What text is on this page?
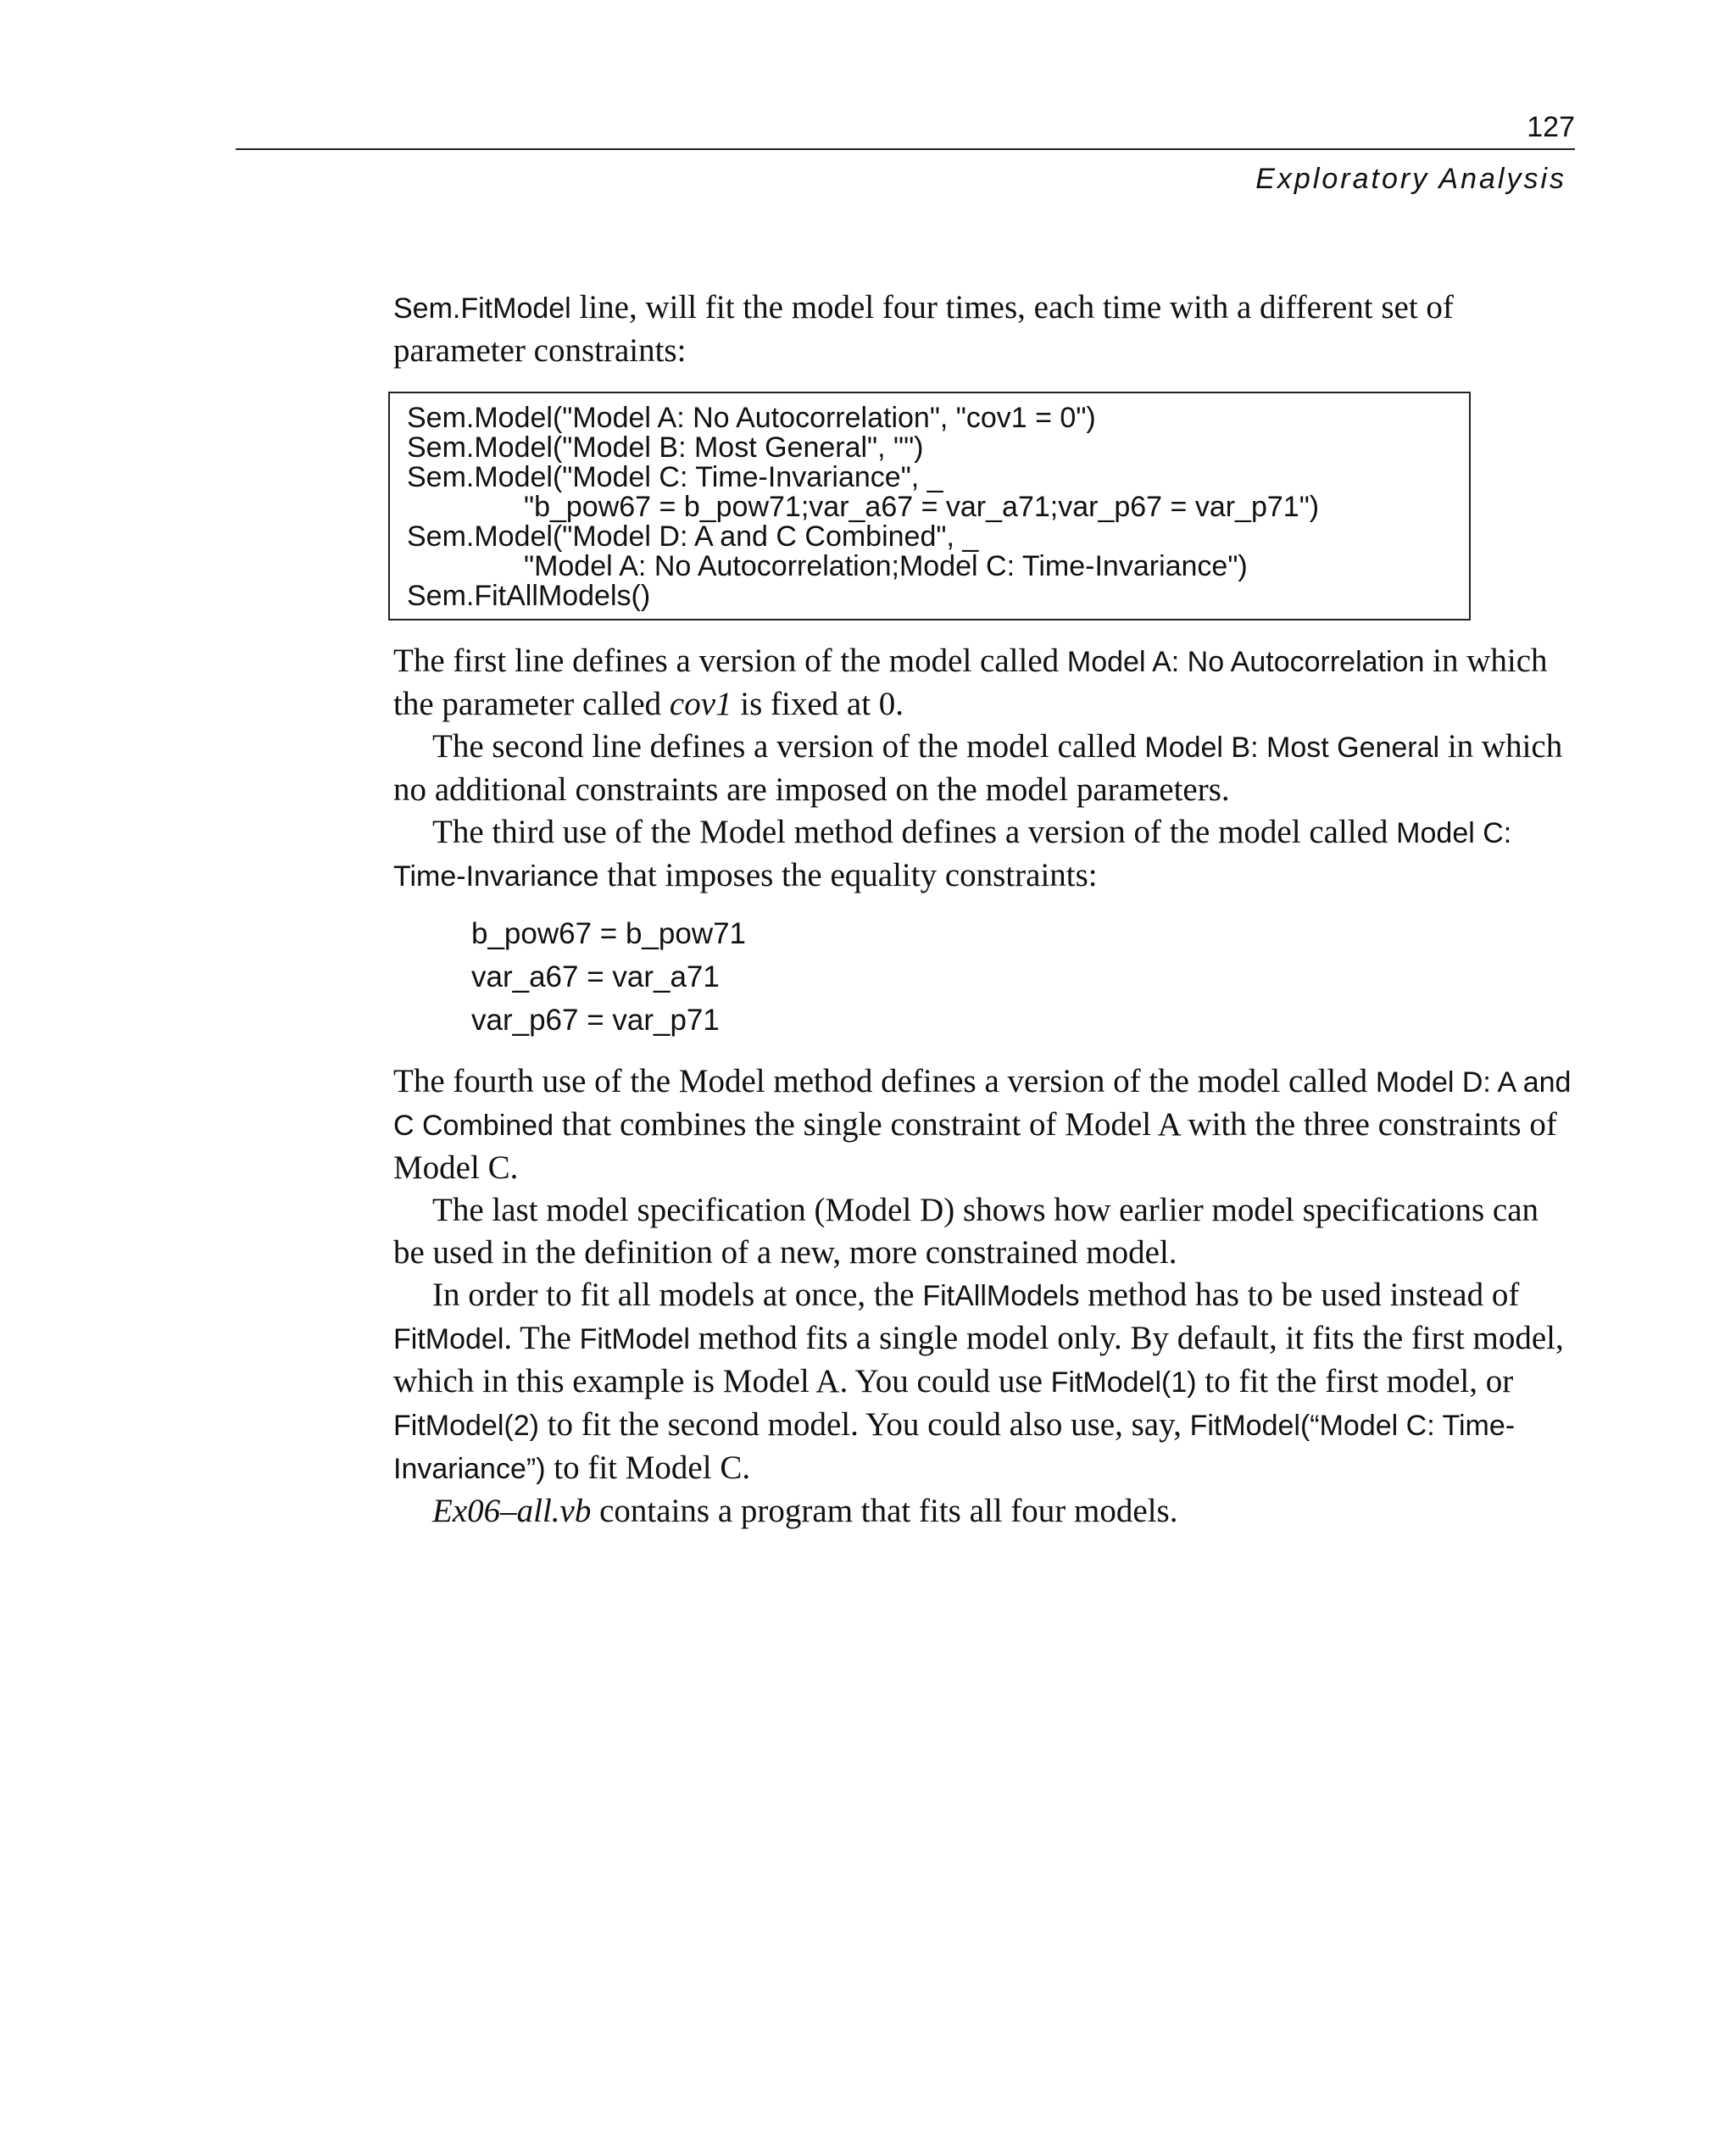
127
Exploratory Analysis

Sem.FitModel line, will fit the model four times, each time with a different set of parameter constraints:

Sem.Model("Model A: No Autocorrelation", "cov1 = 0")
Sem.Model("Model B: Most General", "")
Sem.Model("Model C: Time-Invariance", _
"b_pow67 = b_pow71;var_a67 = var_a71;var_p67 = var_p71")
Sem.Model("Model D: A and C Combined", _
"Model A: No Autocorrelation;Model C: Time-Invariance")
Sem.FitAllModels()

The first line defines a version of the model called Model A: No Autocorrelation in which the parameter called cov1 is fixed at 0.

The second line defines a version of the model called Model B: Most General in which no additional constraints are imposed on the model parameters.

The third use of the Model method defines a version of the model called Model C: Time-Invariance that imposes the equality constraints:

b_pow67 = b_pow71
var_a67 = var_a71
var_p67 = var_p71

The fourth use of the Model method defines a version of the model called Model D: A and C Combined that combines the single constraint of Model A with the three constraints of Model C.

The last model specification (Model D) shows how earlier model specifications can be used in the definition of a new, more constrained model.

In order to fit all models at once, the FitAllModels method has to be used instead of FitModel. The FitModel method fits a single model only. By default, it fits the first model, which in this example is Model A. You could use FitModel(1) to fit the first model, or FitModel(2) to fit the second model. You could also use, say, FitModel(“Model C: Time-Invariance”) to fit Model C.

Ex06–all.vb contains a program that fits all four models.
